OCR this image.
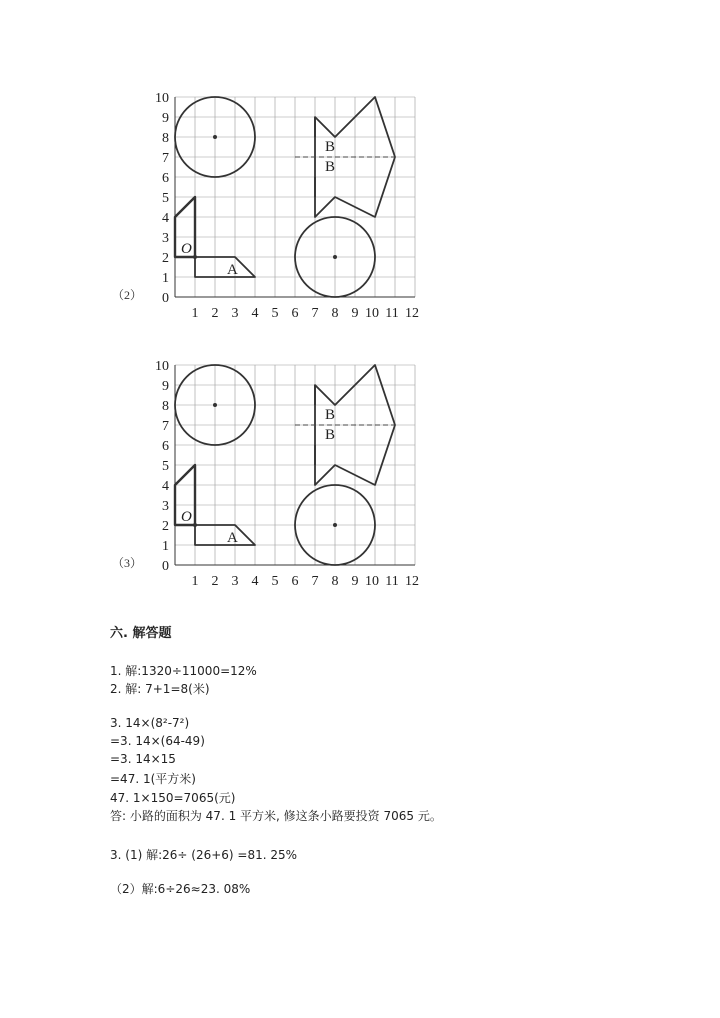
（2） 0
1
2
3
4
5
6
7
8
9
10
1 2 3 4 5 6 7 8 9 10 11 12
O
A
B
B
（3） 0
1
2
3
4
5
6
7
8
9
10
1 2 3 4 5 6 7 8 9 10 11 12
O
A
B
B
六. 解答题
1. 解:1320÷11000=12%
2. 解: 7+1=8(米)
3. 14×(8²-7²)
=3. 14×(64-49)
=3. 14×15
=47. 1(平方米)
47. 1×150=7065(元)
答: 小路的面积为 47. 1 平方米, 修这条小路要投资 7065 元。
3. (1) 解:26÷ (26+6) =81. 25%
（2）解:6÷26≈23. 08%
